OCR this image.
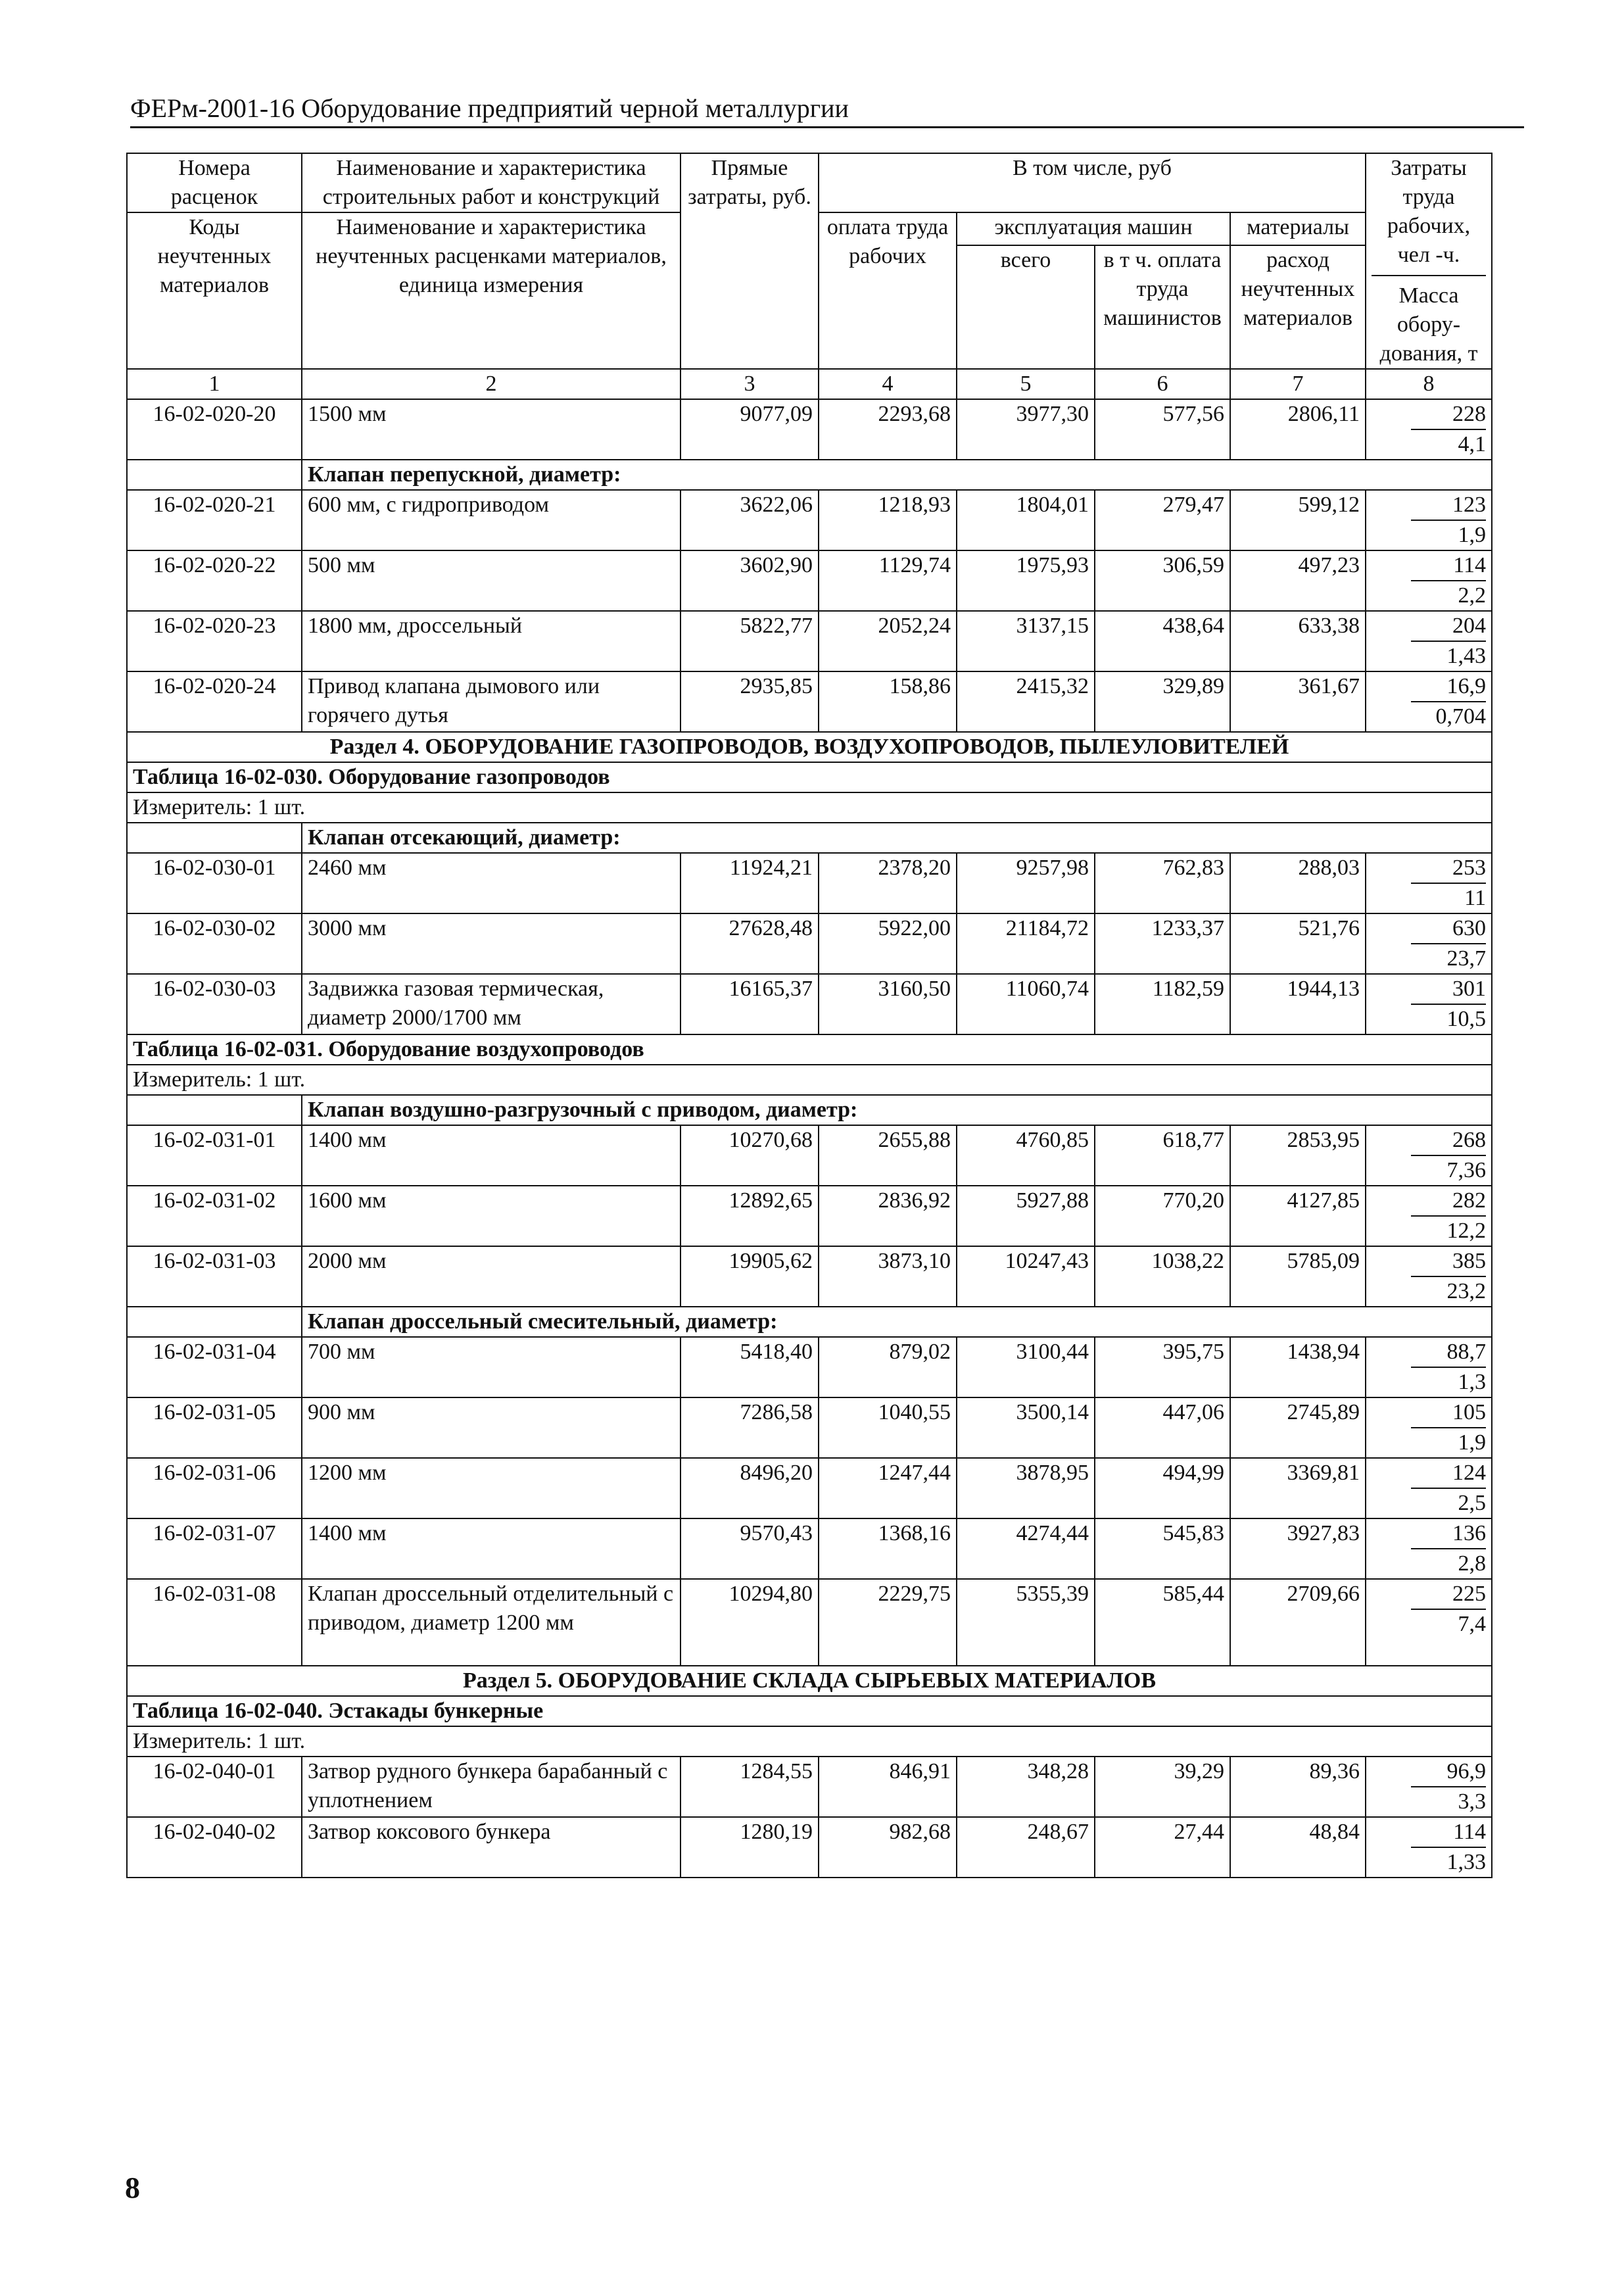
ФЕРм-2001-16 Оборудование предприятий черной металлургии
Номера расценок	Наименование и характеристика строительных работ и конструкций	Прямые затраты, руб.	В том числе, руб				Затраты труда рабочих, чел -ч.
Масса обору-дования, т

Коды неучтенных материалов	Наименование и характеристика неучтенных расценками материалов, единица измерения		оплата труда рабочих	эксплуатация машин		материалы	
				всего	в т ч. оплата труда машинистов	расход неучтенных материалов	
1	2	3	4	5	6	7	8
16-02-020-20	1500 мм	9077,09	2293,68	3977,30	577,56	2806,11	228
4,1

	Клапан перепускной, диаметр:						
16-02-020-21	600 мм, с гидроприводом	3622,06	1218,93	1804,01	279,47	599,12	123
1,9

16-02-020-22	500 мм	3602,90	1129,74	1975,93	306,59	497,23	114
2,2

16-02-020-23	1800 мм, дроссельный	5822,77	2052,24	3137,15	438,64	633,38	204
1,43

16-02-020-24	Привод клапана дымового или горячего дутья	2935,85	158,86	2415,32	329,89	361,67	16,9
0,704

Раздел 4. ОБОРУДОВАНИЕ ГАЗОПРОВОДОВ, ВОЗДУХОПРОВОДОВ, ПЫЛЕУЛОВИТЕЛЕЙ							
Таблица 16-02-030. Оборудование газопроводов							
Измеритель: 1 шт.							
	Клапан отсекающий, диаметр:						
16-02-030-01	2460 мм	11924,21	2378,20	9257,98	762,83	288,03	253
11

16-02-030-02	3000 мм	27628,48	5922,00	21184,72	1233,37	521,76	630
23,7

16-02-030-03	Задвижка газовая термическая, диаметр 2000/1700 мм	16165,37	3160,50	11060,74	1182,59	1944,13	301
10,5

Таблица 16-02-031. Оборудование воздухопроводов							
Измеритель: 1 шт.							
	Клапан воздушно-разгрузочный с приводом, диаметр:						
16-02-031-01	1400 мм	10270,68	2655,88	4760,85	618,77	2853,95	268
7,36

16-02-031-02	1600 мм	12892,65	2836,92	5927,88	770,20	4127,85	282
12,2

16-02-031-03	2000 мм	19905,62	3873,10	10247,43	1038,22	5785,09	385
23,2

	Клапан дроссельный смесительный, диаметр:						
16-02-031-04	700 мм	5418,40	879,02	3100,44	395,75	1438,94	88,7
1,3

16-02-031-05	900 мм	7286,58	1040,55	3500,14	447,06	2745,89	105
1,9

16-02-031-06	1200 мм	8496,20	1247,44	3878,95	494,99	3369,81	124
2,5

16-02-031-07	1400 мм	9570,43	1368,16	4274,44	545,83	3927,83	136
2,8

16-02-031-08	Клапан дроссельный отделительный с приводом, диаметр 1200 мм	10294,80	2229,75	5355,39	585,44	2709,66	225
7,4

Раздел 5. ОБОРУДОВАНИЕ СКЛАДА СЫРЬЕВЫХ МАТЕРИАЛОВ							
Таблица 16-02-040. Эстакады бункерные							
Измеритель: 1 шт.							
16-02-040-01	Затвор рудного бункера барабанный с уплотнением	1284,55	846,91	348,28	39,29	89,36	96,9
3,3

16-02-040-02	Затвор коксового бункера	1280,19	982,68	248,67	27,44	48,84	114
1,33
8
